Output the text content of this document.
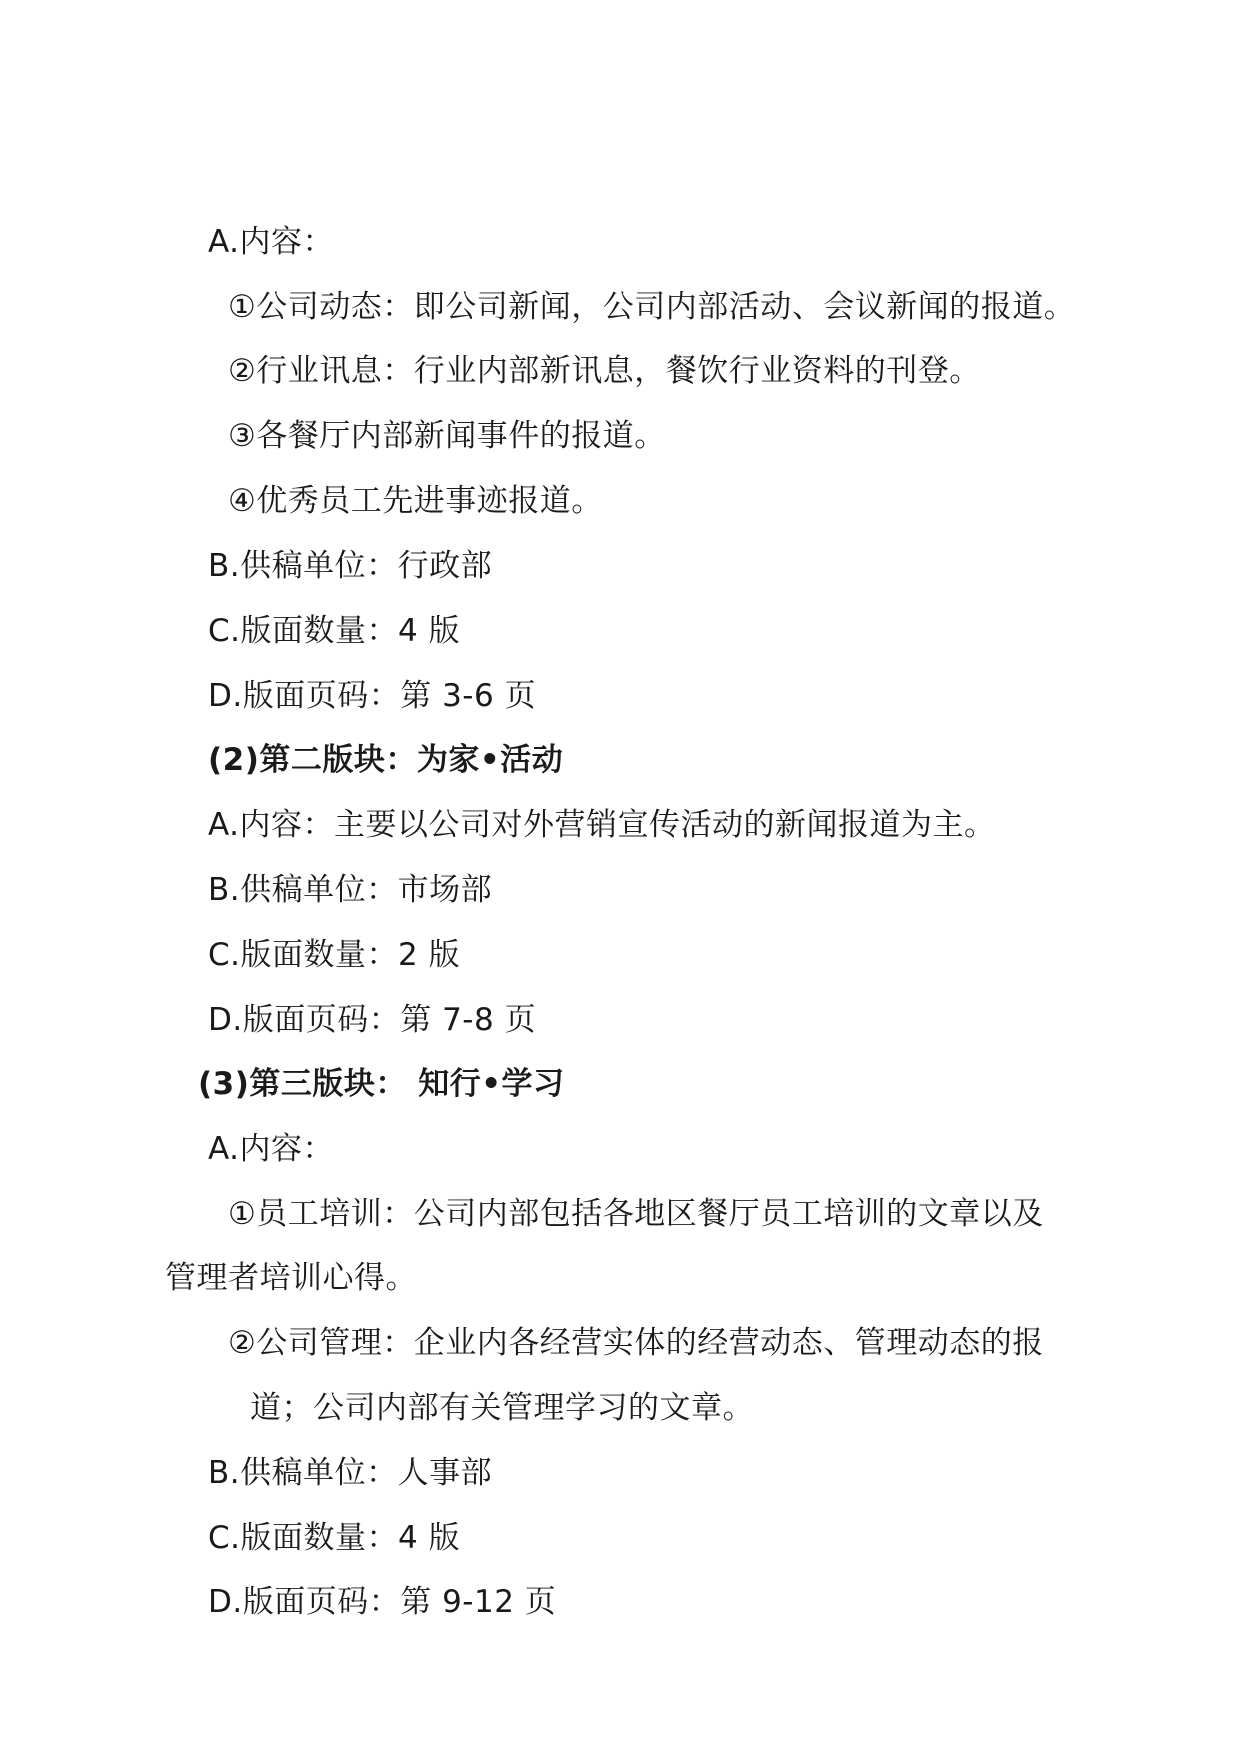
A.内容：
①公司动态：即公司新闻，公司内部活动、会议新闻的报道。
②行业讯息：行业内部新讯息，餐饮行业资料的刊登。
③各餐厅内部新闻事件的报道。
④优秀员工先进事迹报道。
B.供稿单位：行政部
C.版面数量：4 版
D.版面页码：第 3-6 页
(2)第二版块：为家•活动
A.内容：主要以公司对外营销宣传活动的新闻报道为主。
B.供稿单位：市场部
C.版面数量：2 版
D.版面页码：第 7-8 页
(3)第三版块： 知行•学习
A.内容：
①员工培训：公司内部包括各地区餐厅员工培训的文章以及
管理者培训心得。
②公司管理：企业内各经营实体的经营动态、管理动态的报
道；公司内部有关管理学习的文章。
B.供稿单位：人事部
C.版面数量：4 版
D.版面页码：第 9-12 页
